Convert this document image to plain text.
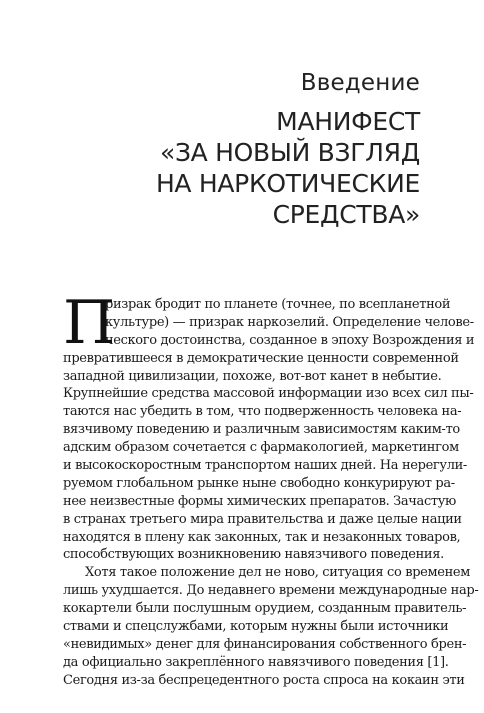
Введение
МАНИФЕСТ
«ЗА НОВЫЙ ВЗГЛЯД
НА НАРКОТИЧЕСКИЕ
СРЕДСТВА»
П
ризрак бродит по планете (точнее, по всепланетной
культуре) — призрак наркозелий. Определение челове-
ческого достоинства, созданное в эпоху Возрождения и
превратившееся в демократические ценности современной
западной цивилизации, похоже, вот-вот канет в небытие.
Крупнейшие средства массовой информации изо всех сил пы-
таются нас убедить в том, что подверженность человека на-
вязчивому поведению и различным зависимостям каким-то
адским образом сочетается с фармакологией, маркетингом
и высокоскоростным транспортом наших дней. На нерегули-
руемом глобальном рынке ныне свободно конкурируют ра-
нее неизвестные формы химических препаратов. Зачастую
в странах третьего мира правительства и даже целые нации
находятся в плену как законных, так и незаконных товаров,
способствующих возникновению навязчивого поведения.
Хотя такое положение дел не ново, ситуация со временем
лишь ухудшается. До недавнего времени международные нар-
кокартели были послушным орудием, созданным правитель-
ствами и спецслужбами, которым нужны были источники
«невидимых» денег для финансирования собственного брен-
да официально закреплённого навязчивого поведения [1].
Сегодня из-за беспрецедентного роста спроса на кокаин эти
